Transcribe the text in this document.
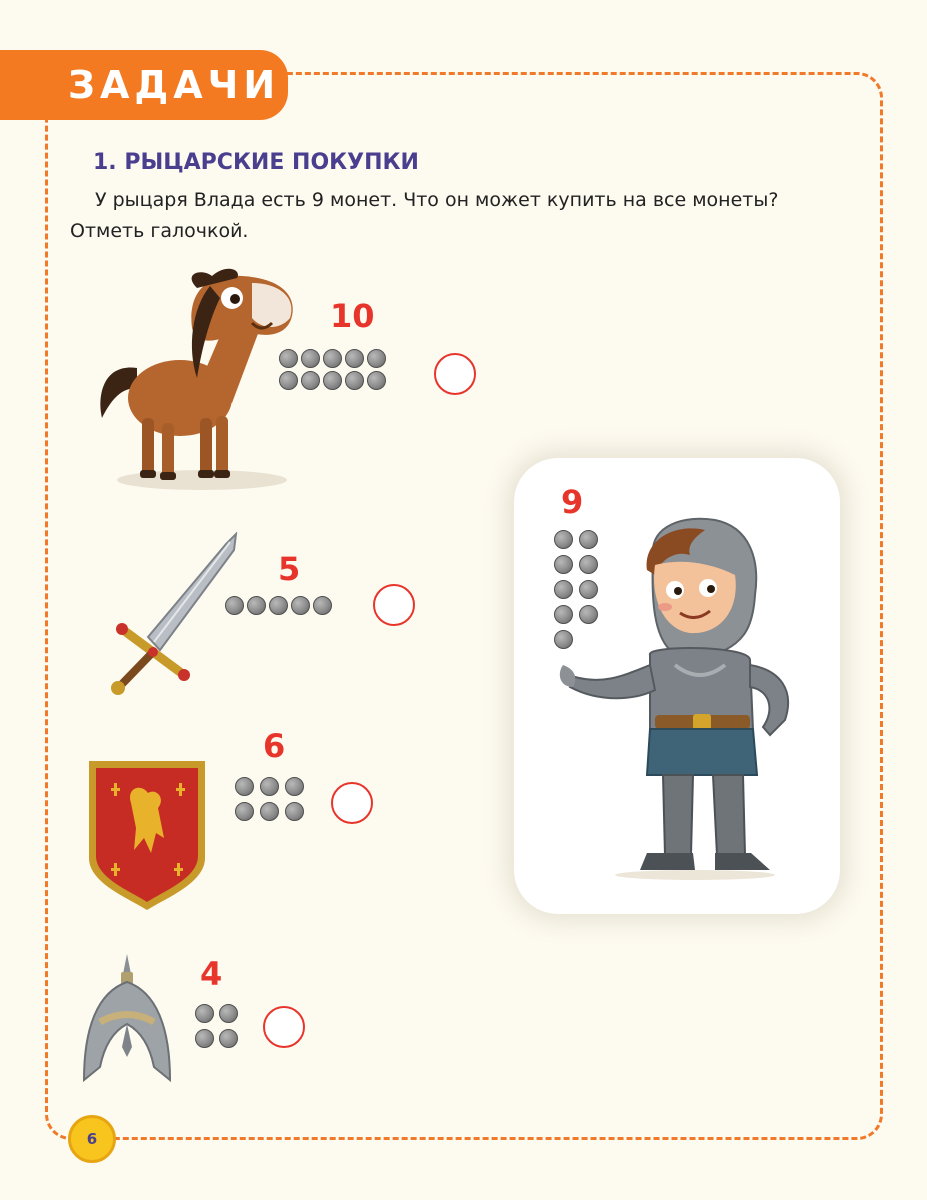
ЗАДАЧИ
1. РЫЦАРСКИЕ ПОКУПКИ

У рыцаря Влада есть 9 монет. Что он может купить на все монеты? Отметь галочкой.

10
5
6
4
9
6
